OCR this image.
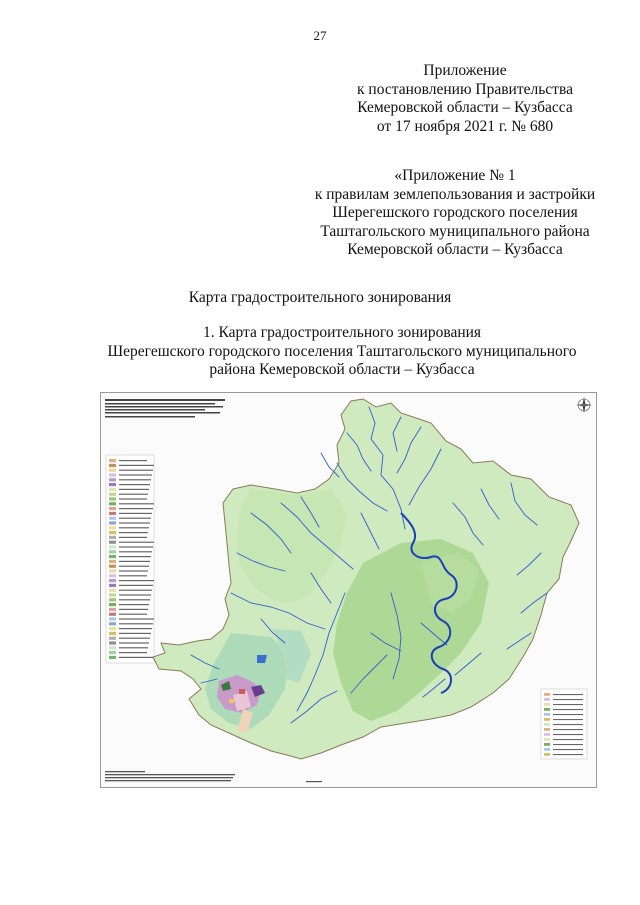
27
Приложение
к постановлению Правительства
Кемеровской области – Кузбасса
от 17 ноября 2021 г. № 680
«Приложение № 1
к правилам землепользования и застройки
Шерегешского городского поселения
Таштагольского муниципального района
Кемеровской области – Кузбасса
Карта градостроительного зонирования
1. Карта градостроительного зонирования
Шерегешского городского поселения Таштагольского муниципального
района Кемеровской области – Кузбасса
